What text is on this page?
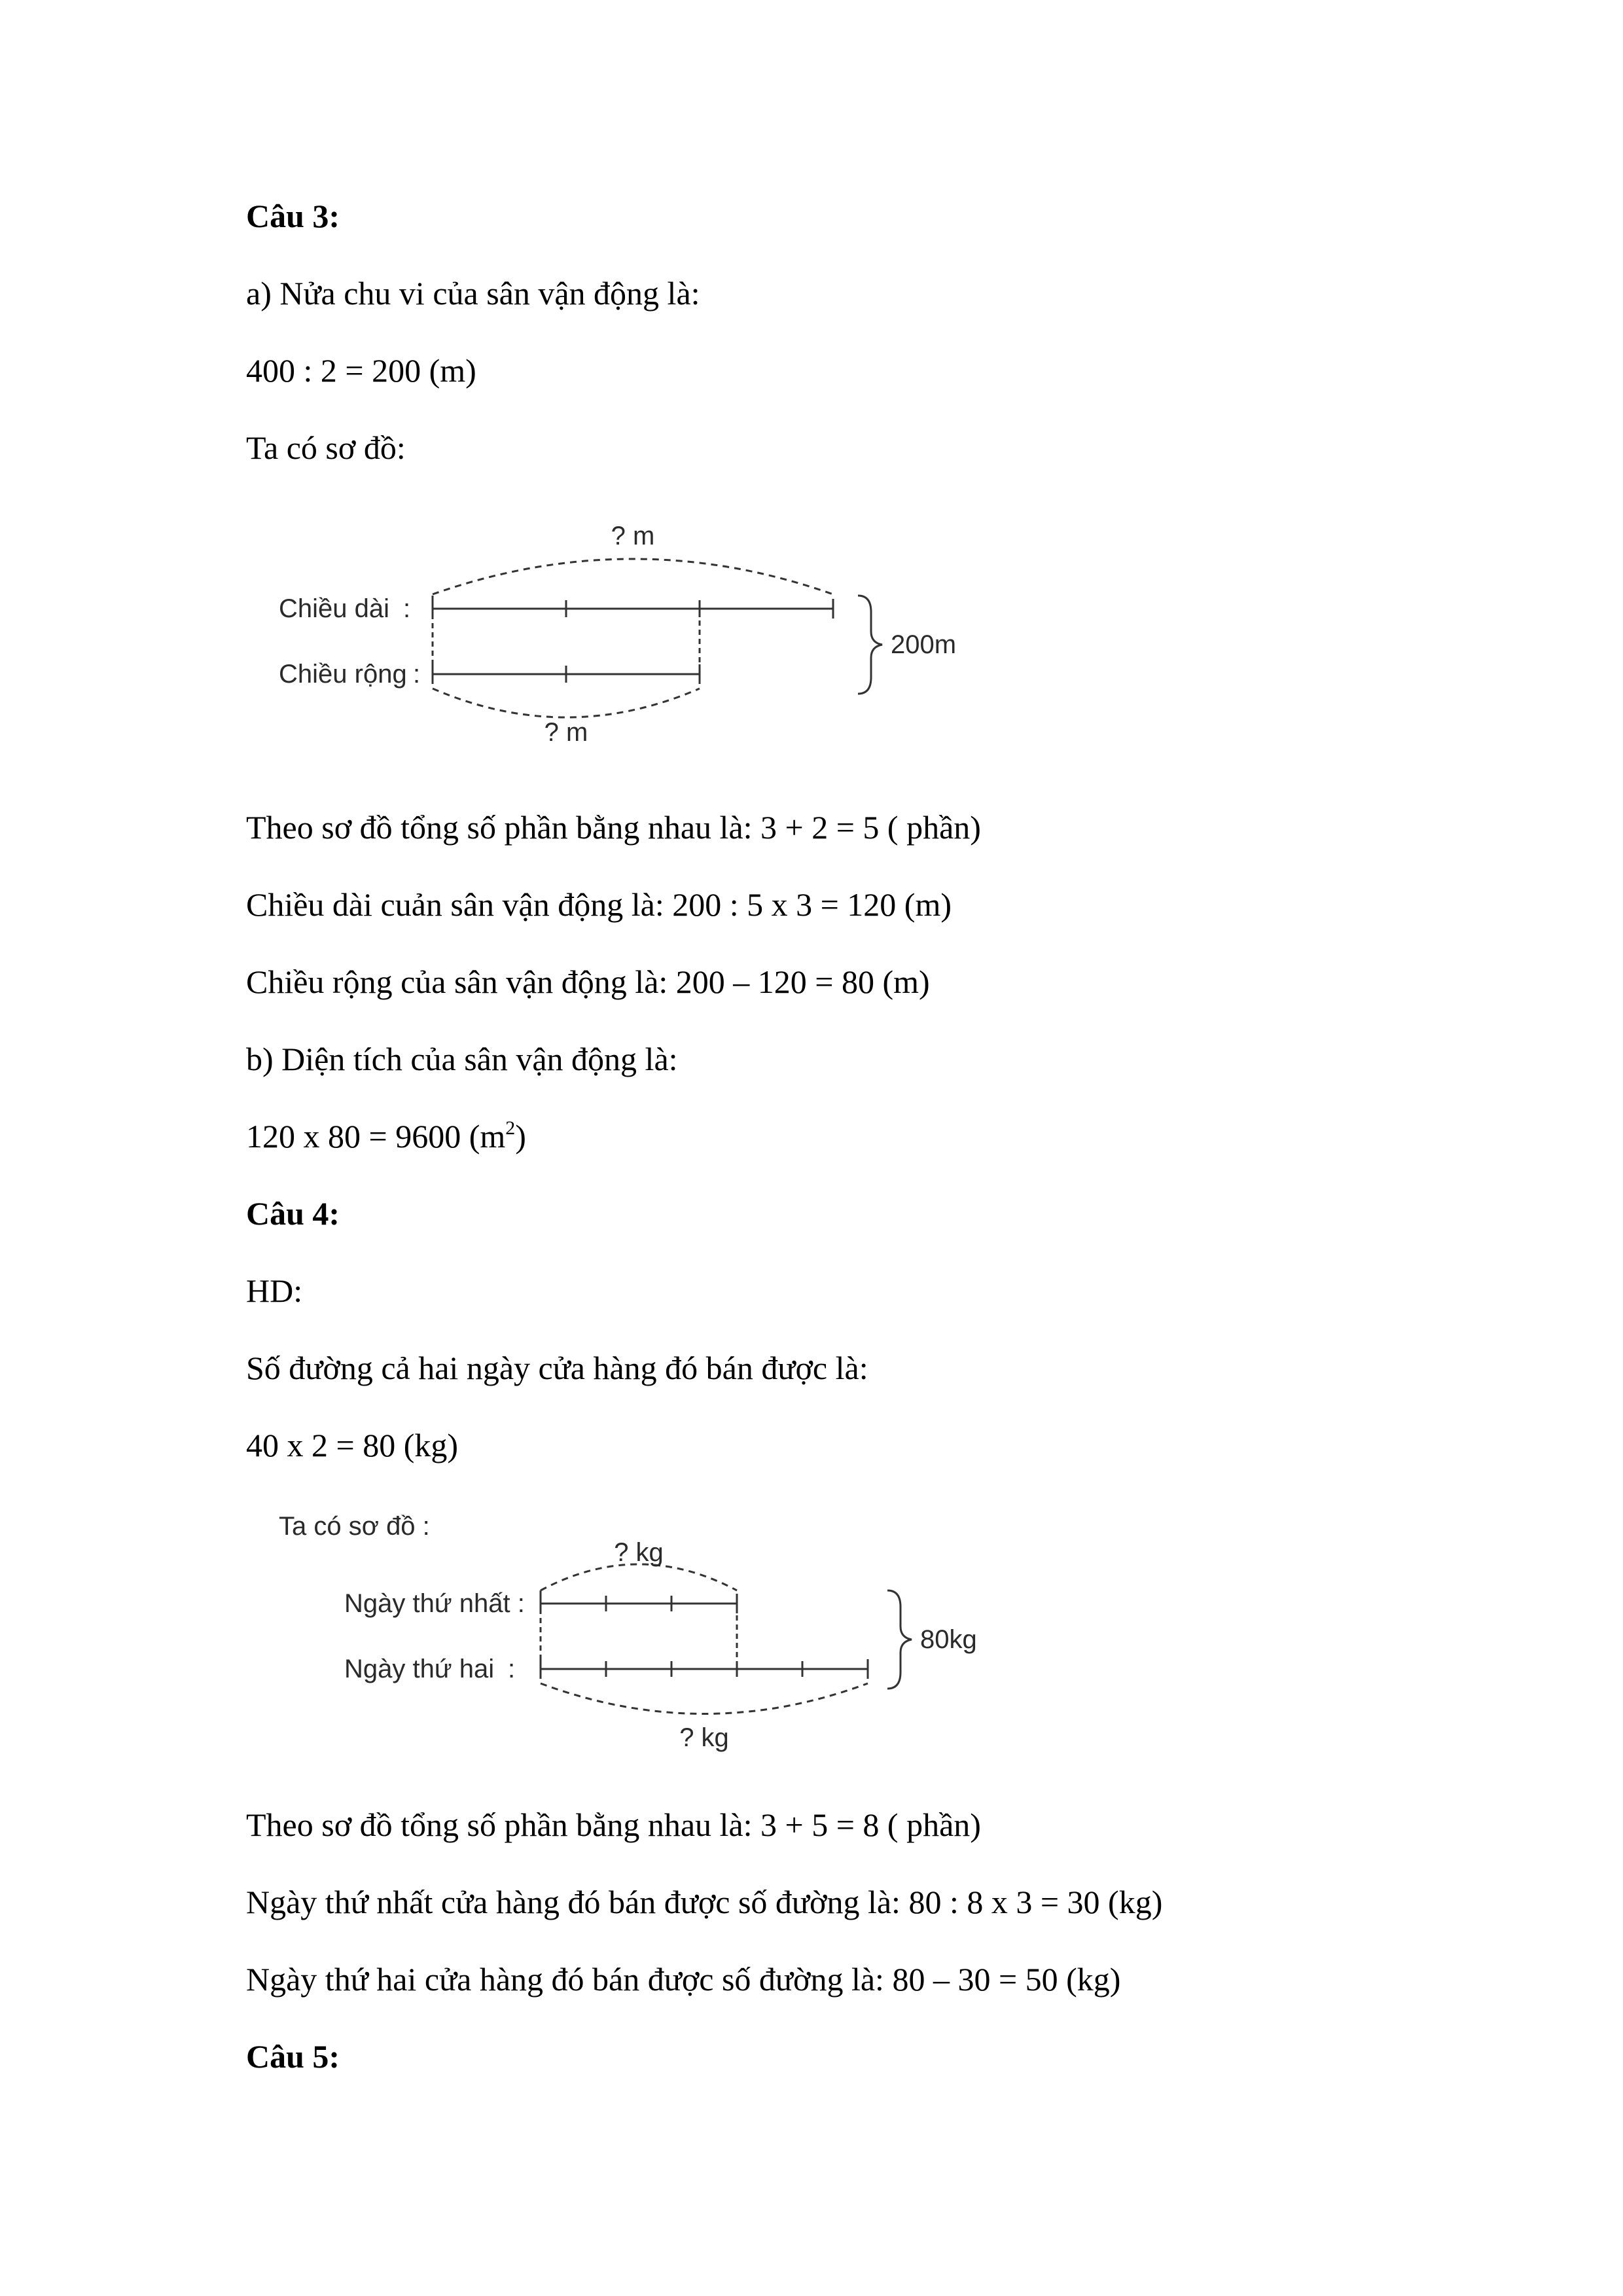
Câu 3:
a) Nửa chu vi của sân vận động là:
400 : 2 = 200 (m)
Ta có sơ đồ:
? m
Chiều dài :
Chiều rộng :
200m
? m
Theo sơ đồ tổng số phần bằng nhau là: 3 + 2 = 5 ( phần)
Chiều dài cuản sân vận động là: 200 : 5 x 3 = 120 (m)
Chiều rộng của sân vận động là: 200 – 120 = 80 (m)
b) Diện tích của sân vận động là:
120 x 80 = 9600 $(m^2)$
Câu 4:
HD:
Số đường cả hai ngày cửa hàng đó bán được là:
40 x 2 = 80 (kg)
Ta có sơ đồ :
? kg
Ngày thứ nhất :
Ngày thứ hai :
80kg
? kg
Theo sơ đồ tổng số phần bằng nhau là: 3 + 5 = 8 ( phần)
Ngày thứ nhất cửa hàng đó bán được số đường là: 80 : 8 x 3 = 30 (kg)
Ngày thứ hai cửa hàng đó bán được số đường là: 80 – 30 = 50 (kg)
Câu 5:
